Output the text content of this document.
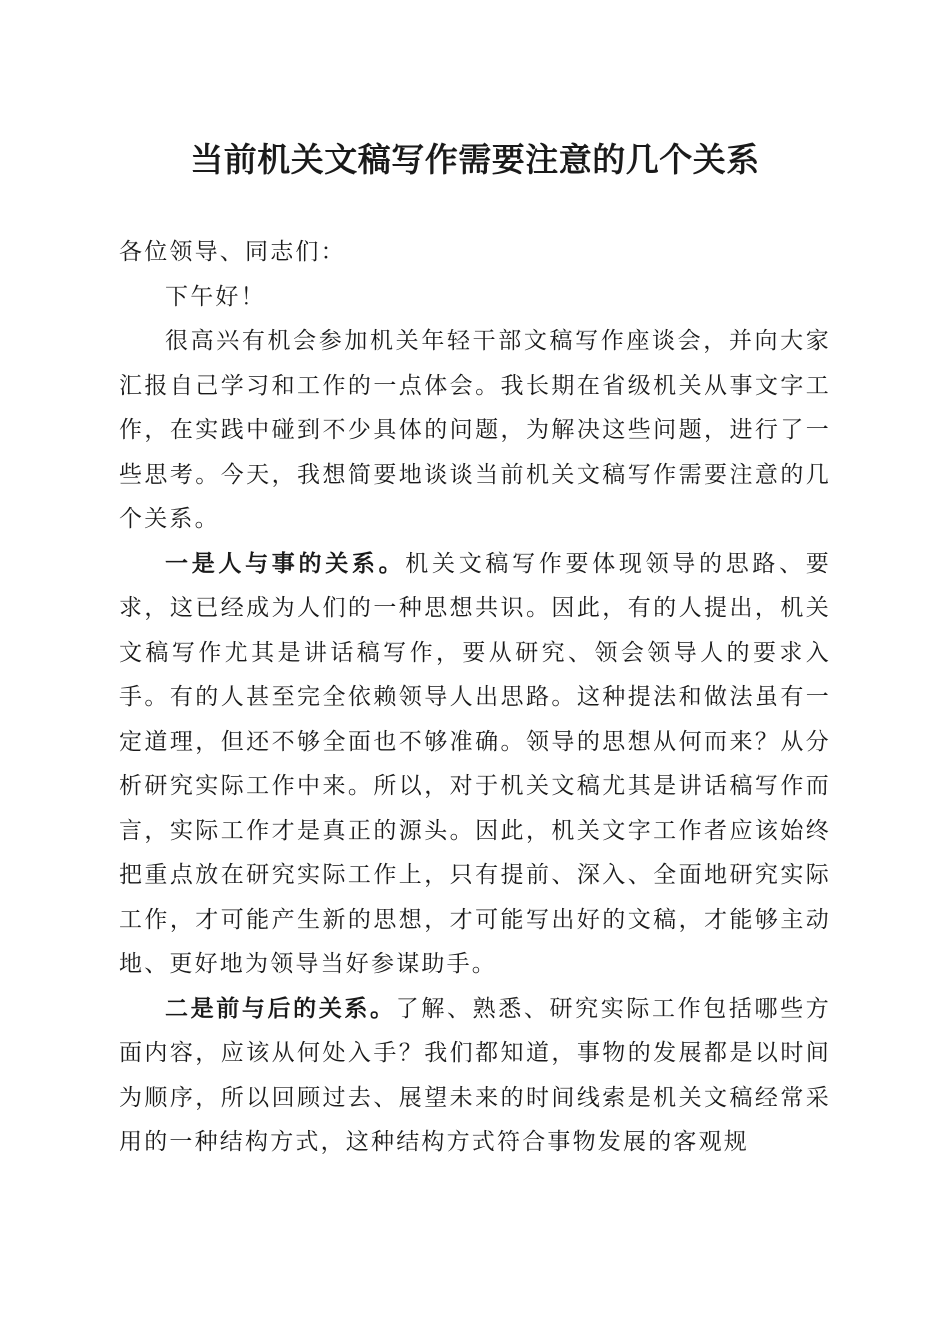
当前机关文稿写作需要注意的几个关系

各位领导、同志们：

下午好！

很高兴有机会参加机关年轻干部文稿写作座谈会，并向大家汇报自己学习和工作的一点体会。我长期在省级机关从事文字工作，在实践中碰到不少具体的问题，为解决这些问题，进行了一些思考。今天，我想简要地谈谈当前机关文稿写作需要注意的几个关系。

一是人与事的关系。机关文稿写作要体现领导的思路、要求，这已经成为人们的一种思想共识。因此，有的人提出，机关文稿写作尤其是讲话稿写作，要从研究、领会领导人的要求入手。有的人甚至完全依赖领导人出思路。这种提法和做法虽有一定道理，但还不够全面也不够准确。领导的思想从何而来？从分析研究实际工作中来。所以，对于机关文稿尤其是讲话稿写作而言，实际工作才是真正的源头。因此，机关文字工作者应该始终把重点放在研究实际工作上，只有提前、深入、全面地研究实际工作，才可能产生新的思想，才可能写出好的文稿，才能够主动地、更好地为领导当好参谋助手。

二是前与后的关系。了解、熟悉、研究实际工作包括哪些方面内容，应该从何处入手？我们都知道，事物的发展都是以时间为顺序，所以回顾过去、展望未来的时间线索是机关文稿经常采用的一种结构方式，这种结构方式符合事物发展的客观规
